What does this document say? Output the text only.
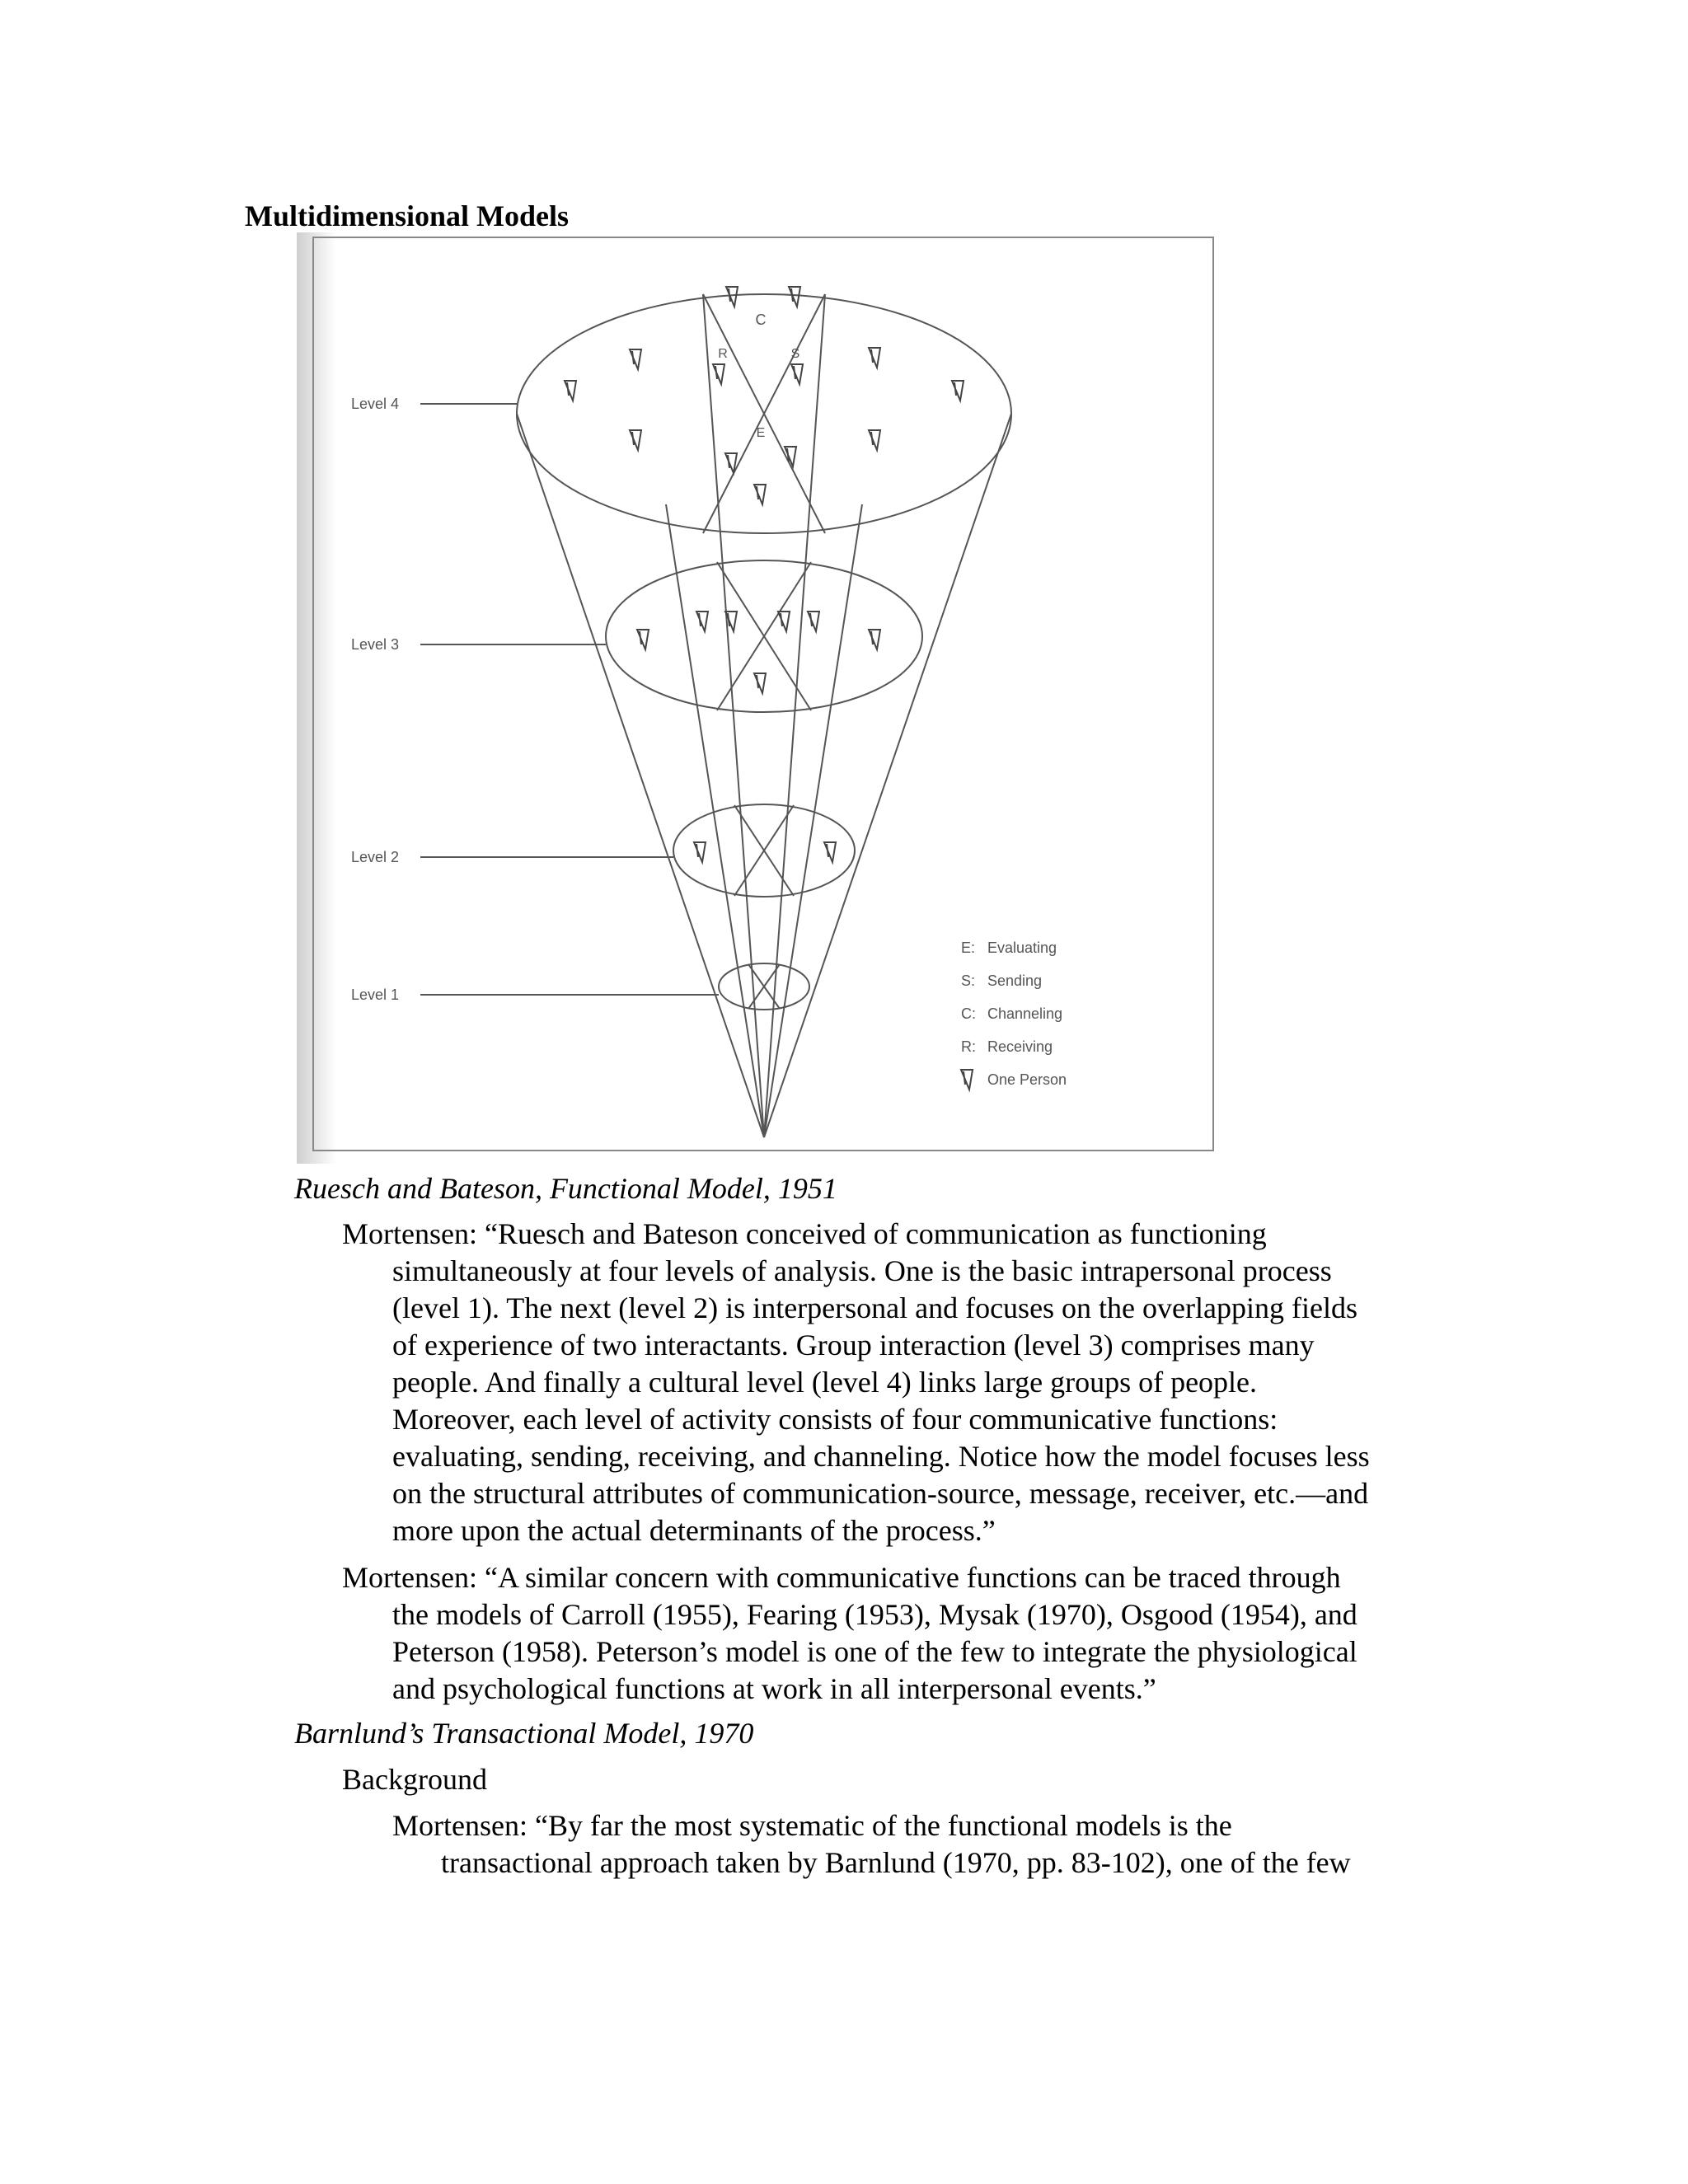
Multidimensional Models
Level 4
Level 3
Level 2
Level 1
C
R	S
E
E: Evaluating
S: Sending
C: Channeling
R: Receiving
One Person

Ruesch and Bateson, Functional Model, 1951

Mortensen: “Ruesch and Bateson conceived of communication as functioning

simultaneously at four levels of analysis. One is the basic intrapersonal process

(level 1). The next (level 2) is interpersonal and focuses on the overlapping fields

of experience of two interactants. Group interaction (level 3) comprises many

people. And finally a cultural level (level 4) links large groups of people.

Moreover, each level of activity consists of four communicative functions:

evaluating, sending, receiving, and channeling. Notice how the model focuses less

on the structural attributes of communication-source, message, receiver, etc.—and

more upon the actual determinants of the process.”

Mortensen: “A similar concern with communicative functions can be traced through

the models of Carroll (1955), Fearing (1953), Mysak (1970), Osgood (1954), and

Peterson (1958). Peterson’s model is one of the few to integrate the physiological

and psychological functions at work in all interpersonal events.”

Barnlund’s Transactional Model, 1970

Background

Mortensen: “By far the most systematic of the functional models is the

transactional approach taken by Barnlund (1970, pp. 83-102), one of the few
